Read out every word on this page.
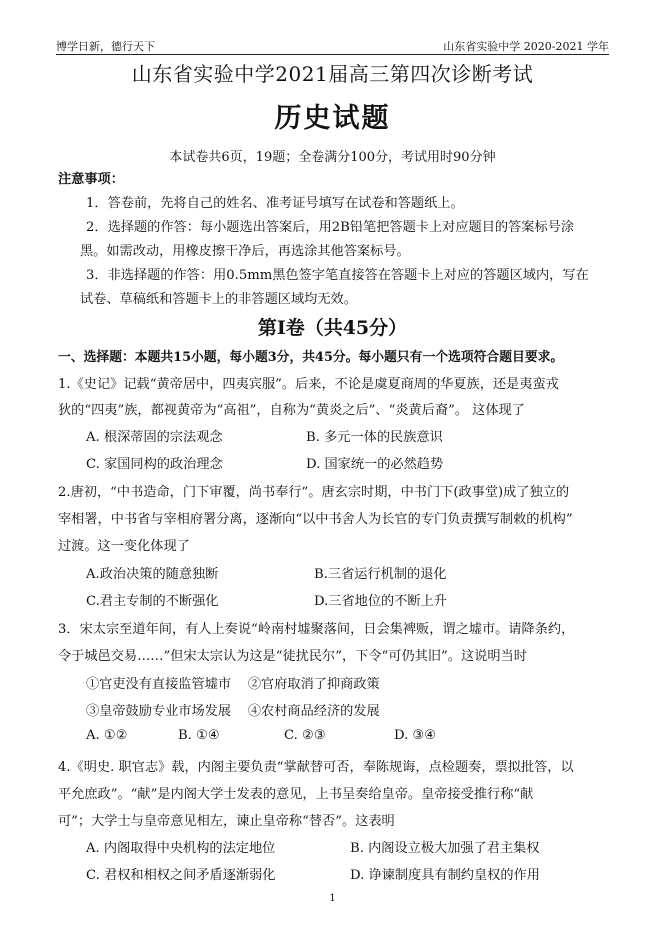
博学日新，德行天下	山东省实验中学 2020-2021 学年
山东省实验中学2021届高三第四次诊断考试
历史试题
本试卷共6页，19题；全卷满分100分，考试用时90分钟
注意事项：
1．答卷前，先将自己的姓名、准考证号填写在试卷和答题纸上。
2．选择题的作答：每小题选出答案后，用2B铅笔把答题卡上对应题目的答案标号涂
黑。如需改动，用橡皮擦干净后，再选涂其他答案标号。
3．非选择题的作答：用0.5mm黑色签字笔直接答在答题卡上对应的答题区域内，写在
试卷、草稿纸和答题卡上的非答题区域均无效。
第Ⅰ卷（共45分）
一、选择题：本题共15小题，每小题3分，共45分。每小题只有一个选项符合题目要求。
1.《史记》记载“黄帝居中，四夷宾服”。后来，不论是虞夏商周的华夏族，还是夷蛮戎
狄的“四夷”族，都视黄帝为“高祖”，自称为“黄炎之后”、“炎黄后裔”。 这体现了
A. 根深蒂固的宗法观念	B. 多元一体的民族意识
C. 家国同构的政治理念	D. 国家统一的必然趋势
2.唐初，“中书造命，门下审覆，尚书奉行”。唐玄宗时期，中书门下(政事堂)成了独立的
宰相署，中书省与宰相府署分离，逐渐向“以中书舍人为长官的专门负责撰写制敕的机构”
过渡。这一变化体现了
A.政治决策的随意独断	B.三省运行机制的退化
C.君主专制的不断强化	D.三省地位的不断上升
3．宋太宗至道年间，有人上奏说“岭南村墟聚落间，日会集裨贩，谓之墟市。请降条约，
令于城邑交易……”但宋太宗认为这是“徒扰民尔”，下令“可仍其旧”。这说明当时
①官吏没有直接监管墟市    ②官府取消了抑商政策
③皇帝鼓励专业市场发展    ④农村商品经济的发展
A. ①②	B. ①④	C. ②③	D. ③④
4.《明史. 职官志》载，内阁主要负责“掌献替可否，奉陈规诲，点检题奏，票拟批答，以
平允庶政”。“献”是内阁大学士发表的意见，上书呈奏给皇帝。皇帝接受推行称“献
可”；大学士与皇帝意见相左，谏止皇帝称“替否”。这表明
A. 内阁取得中央机构的法定地位	B. 内阁设立极大加强了君主集权
C. 君权和相权之间矛盾逐渐弱化	D. 诤谏制度具有制约皇权的作用
1
